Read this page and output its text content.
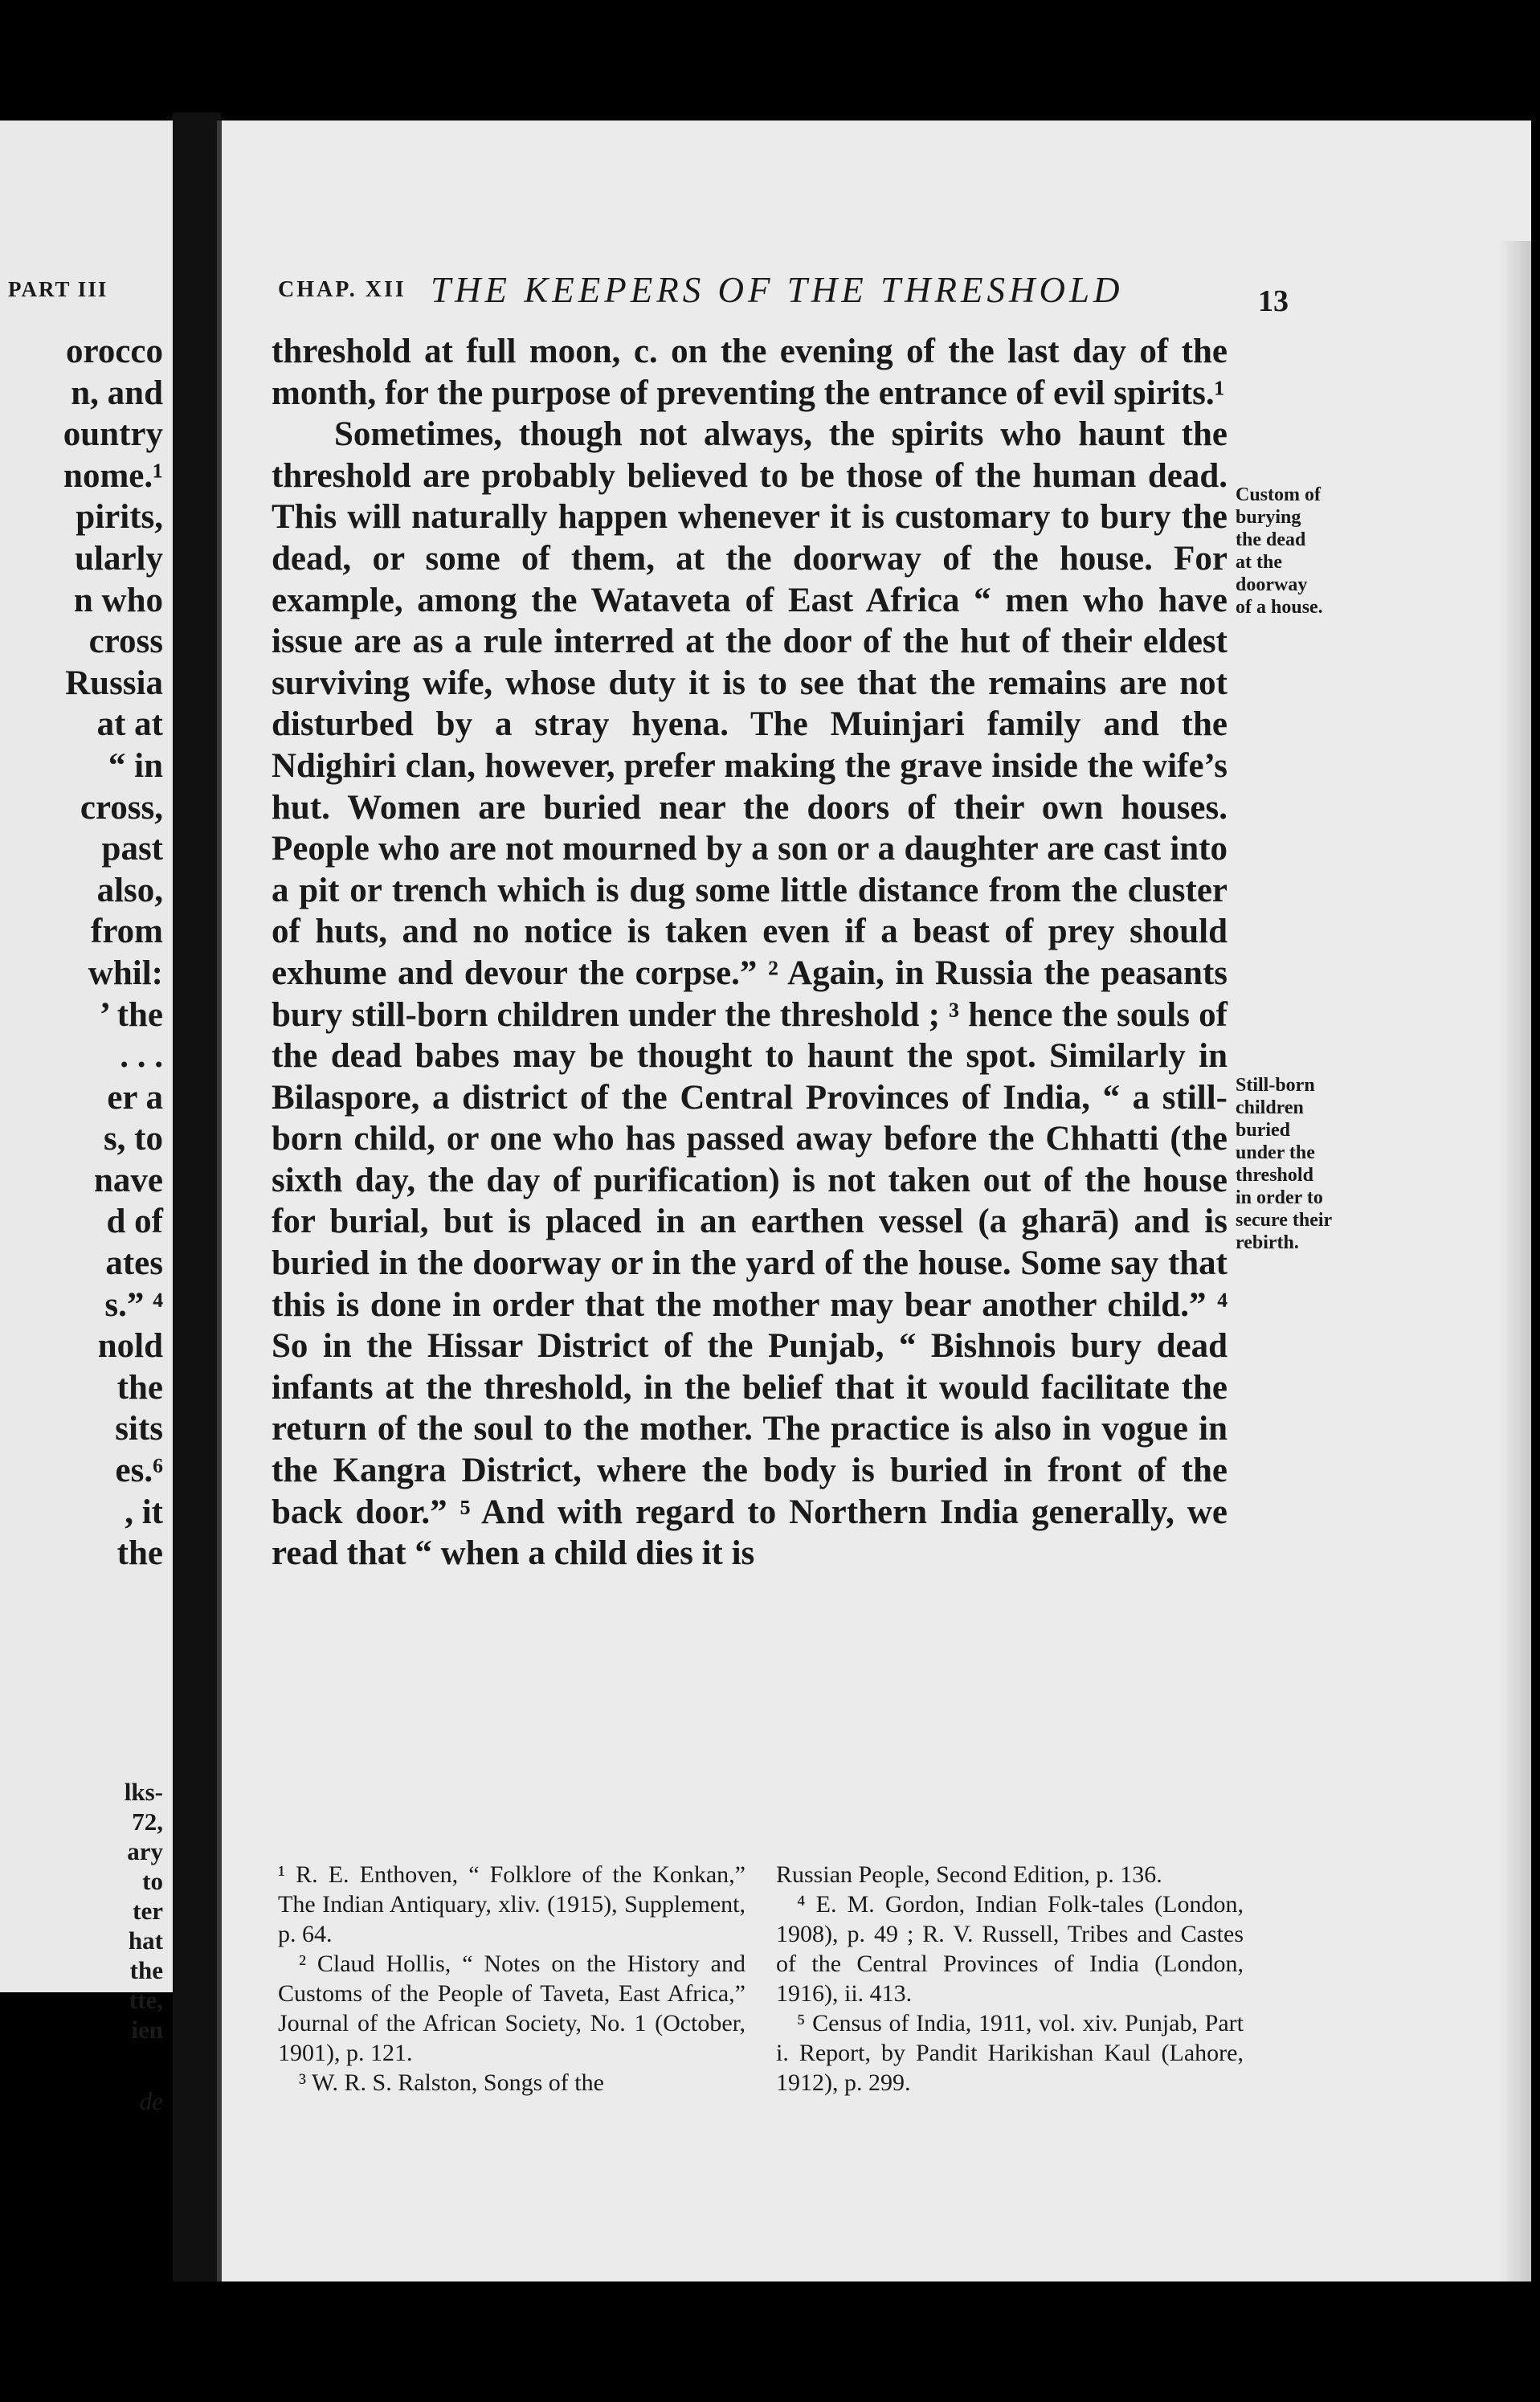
PART III
orocco
n, and
ountry
nome.¹
pirits,
ularly
n who
cross
Russia
at at
“ in
cross,
past
also,
from
whil:
’ the
. . .
er a
s, to
nave
d of
ates
s.” ⁴
nold
the
sits
es.⁶
, it
the
lks-
72,
ary
to
ter
hat
the
tte,
ien
de
CHAP. XII THE KEEPERS OF THE THRESHOLD	13

threshold at full moon, c. on the evening of the last day of the month, for the purpose of preventing the entrance of evil spirits.¹

Sometimes, though not always, the spirits who haunt the threshold are probably believed to be those of the human dead. This will naturally happen whenever it is customary to bury the dead, or some of them, at the doorway of the house. For example, among the Wataveta of East Africa “ men who have issue are as a rule interred at the door of the hut of their eldest surviving wife, whose duty it is to see that the remains are not disturbed by a stray hyena. The Muinjari family and the Ndighiri clan, however, prefer making the grave inside the wife’s hut. Women are buried near the doors of their own houses. People who are not mourned by a son or a daughter are cast into a pit or trench which is dug some little distance from the cluster of huts, and no notice is taken even if a beast of prey should exhume and devour the corpse.” ² Again, in Russia the peasants bury still-born children under the threshold ; ³ hence the souls of the dead babes may be thought to haunt the spot. Similarly in Bilaspore, a district of the Central Provinces of India, “ a still-born child, or one who has passed away before the Chhatti (the sixth day, the day of purification) is not taken out of the house for burial, but is placed in an earthen vessel (a gharā) and is buried in the doorway or in the yard of the house. Some say that this is done in order that the mother may bear another child.” ⁴ So in the Hissar District of the Punjab, “ Bishnois bury dead infants at the threshold, in the belief that it would facilitate the return of the soul to the mother. The practice is also in vogue in the Kangra District, where the body is buried in front of the back door.” ⁵ And with regard to Northern India generally, we read that “ when a child dies it is

Custom of
burying
the dead
at the
doorway
of a house.
Still-born
children
buried
under the
threshold
in order to
secure their
rebirth.

¹ R. E. Enthoven, “ Folklore of the Konkan,” The Indian Antiquary, xliv. (1915), Supplement, p. 64.

² Claud Hollis, “ Notes on the History and Customs of the People of Taveta, East Africa,” Journal of the African Society, No. 1 (October, 1901), p. 121.

³ W. R. S. Ralston, Songs of the

Russian People, Second Edition, p. 136.

⁴ E. M. Gordon, Indian Folk-tales (London, 1908), p. 49 ; R. V. Russell, Tribes and Castes of the Central Provinces of India (London, 1916), ii. 413.

⁵ Census of India, 1911, vol. xiv. Punjab, Part i. Report, by Pandit Harikishan Kaul (Lahore, 1912), p. 299.
